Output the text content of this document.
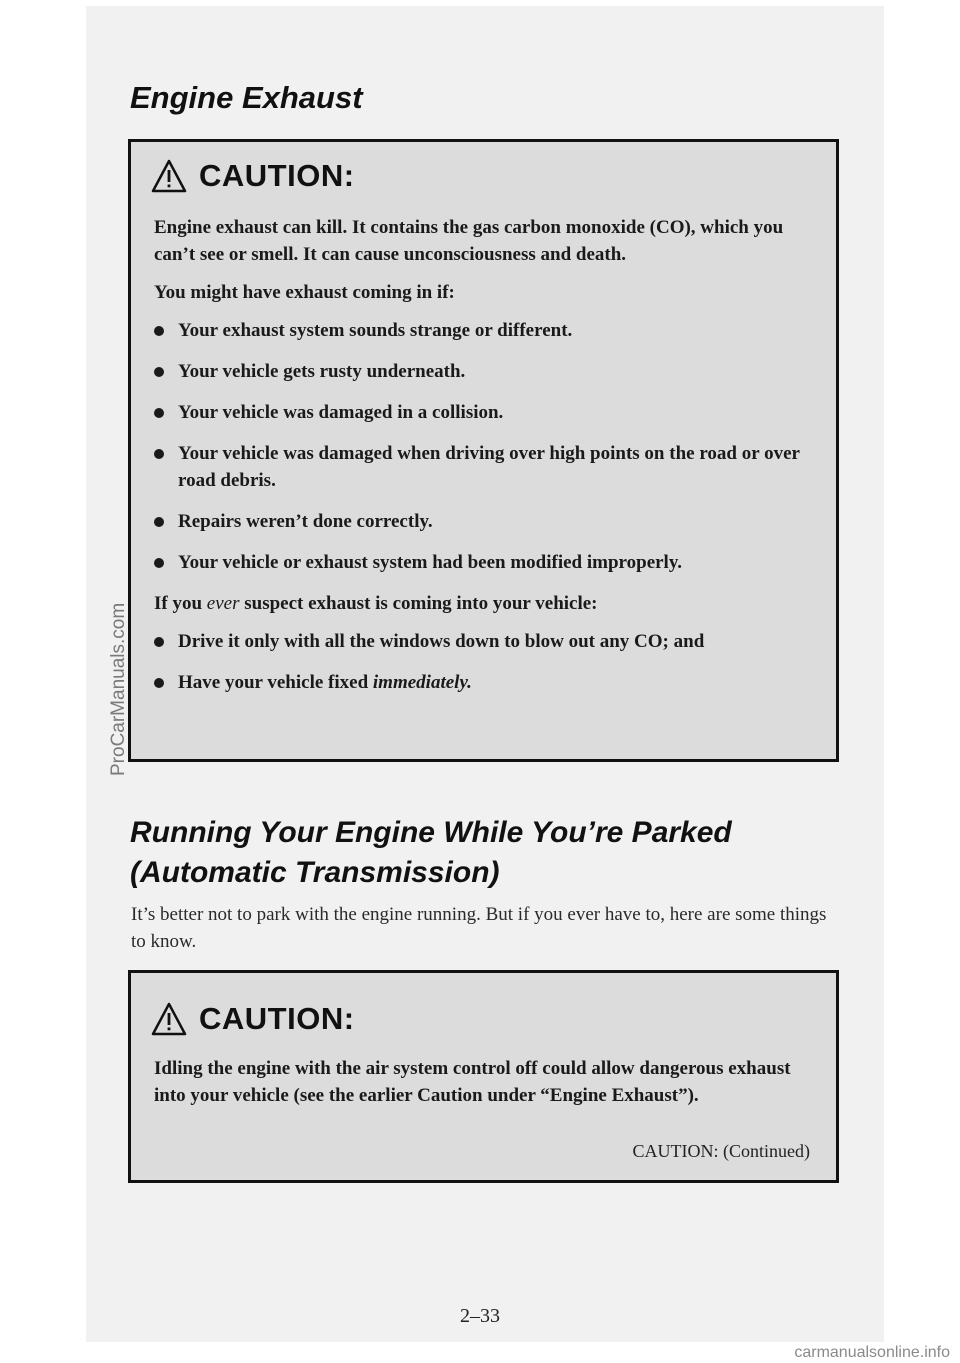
Engine Exhaust
CAUTION:

Engine exhaust can kill. It contains the gas carbon monoxide (CO), which you can’t see or smell. It can cause unconsciousness and death.

You might have exhaust coming in if:

Your exhaust system sounds strange or different.
Your vehicle gets rusty underneath.
Your vehicle was damaged in a collision.
Your vehicle was damaged when driving over high points on the road or over road debris.
Repairs weren’t done correctly.
Your vehicle or exhaust system had been modified improperly.

If you ever suspect exhaust is coming into your vehicle:

Drive it only with all the windows down to blow out any CO; and
Have your vehicle fixed immediately.
Running Your Engine While You’re Parked (Automatic Transmission)

It’s better not to park with the engine running. But if you ever have to, here are some things to know.

CAUTION:

Idling the engine with the air system control off could allow dangerous exhaust into your vehicle (see the earlier Caution under “Engine Exhaust”).

CAUTION: (Continued)
2–33
ProCarManuals.com
carmanualsonline.info
